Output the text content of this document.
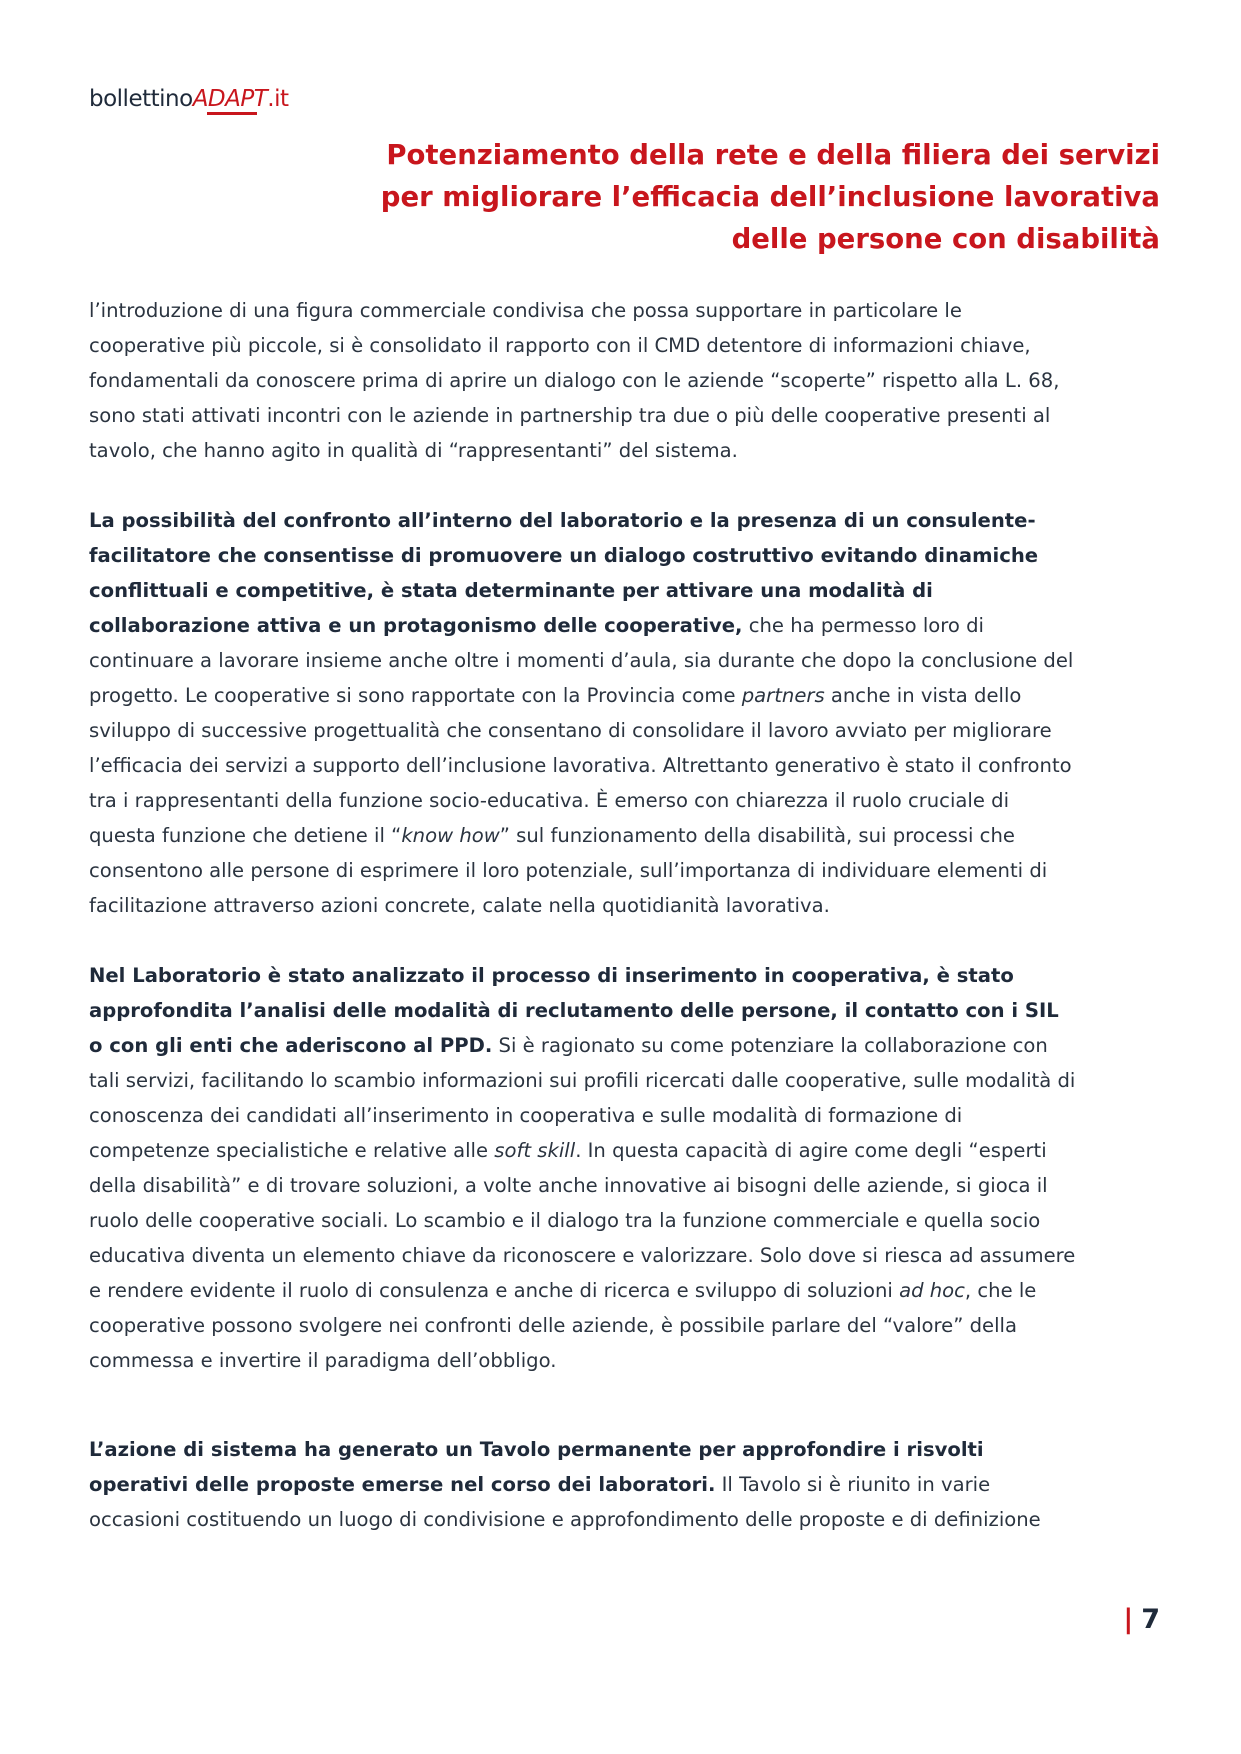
bollettinoADAPT.it
Potenziamento della rete e della filiera dei servizi
per migliorare l’efficacia dell’inclusione lavorativa
delle persone con disabilità

l’introduzione di una figura commerciale condivisa che possa supportare in particolare le
cooperative più piccole, si è consolidato il rapporto con il CMD detentore di informazioni chiave,
fondamentali da conoscere prima di aprire un dialogo con le aziende “scoperte” rispetto alla L. 68,
sono stati attivati incontri con le aziende in partnership tra due o più delle cooperative presenti al
tavolo, che hanno agito in qualità di “rappresentanti” del sistema.

La possibilità del confronto all’interno del laboratorio e la presenza di un consulente-
facilitatore che consentisse di promuovere un dialogo costruttivo evitando dinamiche
conflittuali e competitive, è stata determinante per attivare una modalità di
collaborazione attiva e un protagonismo delle cooperative, che ha permesso loro di
continuare a lavorare insieme anche oltre i momenti d’aula, sia durante che dopo la conclusione del
progetto. Le cooperative si sono rapportate con la Provincia come partners anche in vista dello
sviluppo di successive progettualità che consentano di consolidare il lavoro avviato per migliorare
l’efficacia dei servizi a supporto dell’inclusione lavorativa. Altrettanto generativo è stato il confronto
tra i rappresentanti della funzione socio-educativa. È emerso con chiarezza il ruolo cruciale di
questa funzione che detiene il “know how” sul funzionamento della disabilità, sui processi che
consentono alle persone di esprimere il loro potenziale, sull’importanza di individuare elementi di
facilitazione attraverso azioni concrete, calate nella quotidianità lavorativa.

Nel Laboratorio è stato analizzato il processo di inserimento in cooperativa, è stato
approfondita l’analisi delle modalità di reclutamento delle persone, il contatto con i SIL
o con gli enti che aderiscono al PPD. Si è ragionato su come potenziare la collaborazione con
tali servizi, facilitando lo scambio informazioni sui profili ricercati dalle cooperative, sulle modalità di
conoscenza dei candidati all’inserimento in cooperativa e sulle modalità di formazione di
competenze specialistiche e relative alle soft skill. In questa capacità di agire come degli “esperti
della disabilità” e di trovare soluzioni, a volte anche innovative ai bisogni delle aziende, si gioca il
ruolo delle cooperative sociali. Lo scambio e il dialogo tra la funzione commerciale e quella socio
educativa diventa un elemento chiave da riconoscere e valorizzare. Solo dove si riesca ad assumere
e rendere evidente il ruolo di consulenza e anche di ricerca e sviluppo di soluzioni ad hoc, che le
cooperative possono svolgere nei confronti delle aziende, è possibile parlare del “valore” della
commessa e invertire il paradigma dell’obbligo.

L’azione di sistema ha generato un Tavolo permanente per approfondire i risvolti
operativi delle proposte emerse nel corso dei laboratori. Il Tavolo si è riunito in varie
occasioni costituendo un luogo di condivisione e approfondimento delle proposte e di definizione

| 7
